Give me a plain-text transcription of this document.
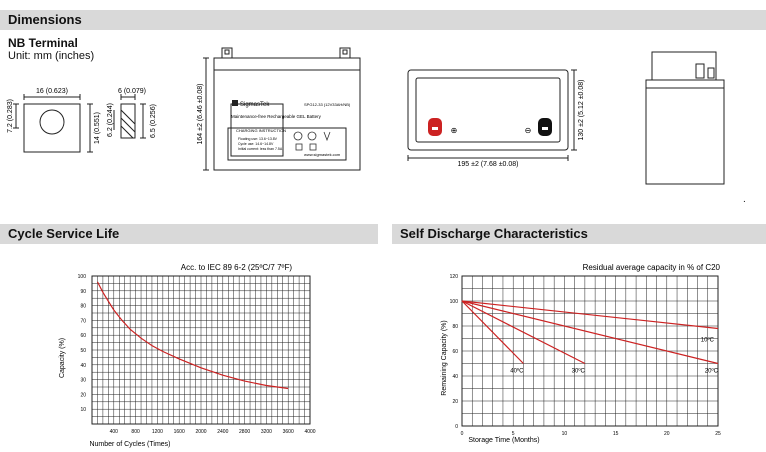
Dimensions
Cycle Service Life	Self Discharge Characteristics
NB Terminal
Unit: mm (inches)
16 (0.623)
7.2 (0.283)	14 (0.551)
6 (0.079)
6.2 (0.244)	6.5 (0.256)	SigmasTek	SPG12-33 (12V33AH/NB)
Maintenance-free Rechargeable GEL Battery
CHARGING INSTRUCTION
Floating use: 13.6~13.8V
Cycle use: 14.6~14.8V
Initial current: less than 7.5A
www.sigmastek.com
164 ±2 (6.46 ±0.08)	⊕	⊖
195 ±2 (7.68 ±0.08)
130 ±2 (5.12 ±0.08)
.
Acc. to IEC 89 6-2 (25ºC/7 7ºF)
Number of Cycles (Times)
Capacity (%)
400	800 1200 1600 2000 2400 2800 3200 3600 4000
10
20
30
40
50
60
70
80
90
100
Residual average capacity in % of C20
Storage Time (Months)
Remaining Capacity (%)
0	5	10	15	20	25
0
20
40
60
80
100
120
10ºC
20ºC
30ºC
40ºC
